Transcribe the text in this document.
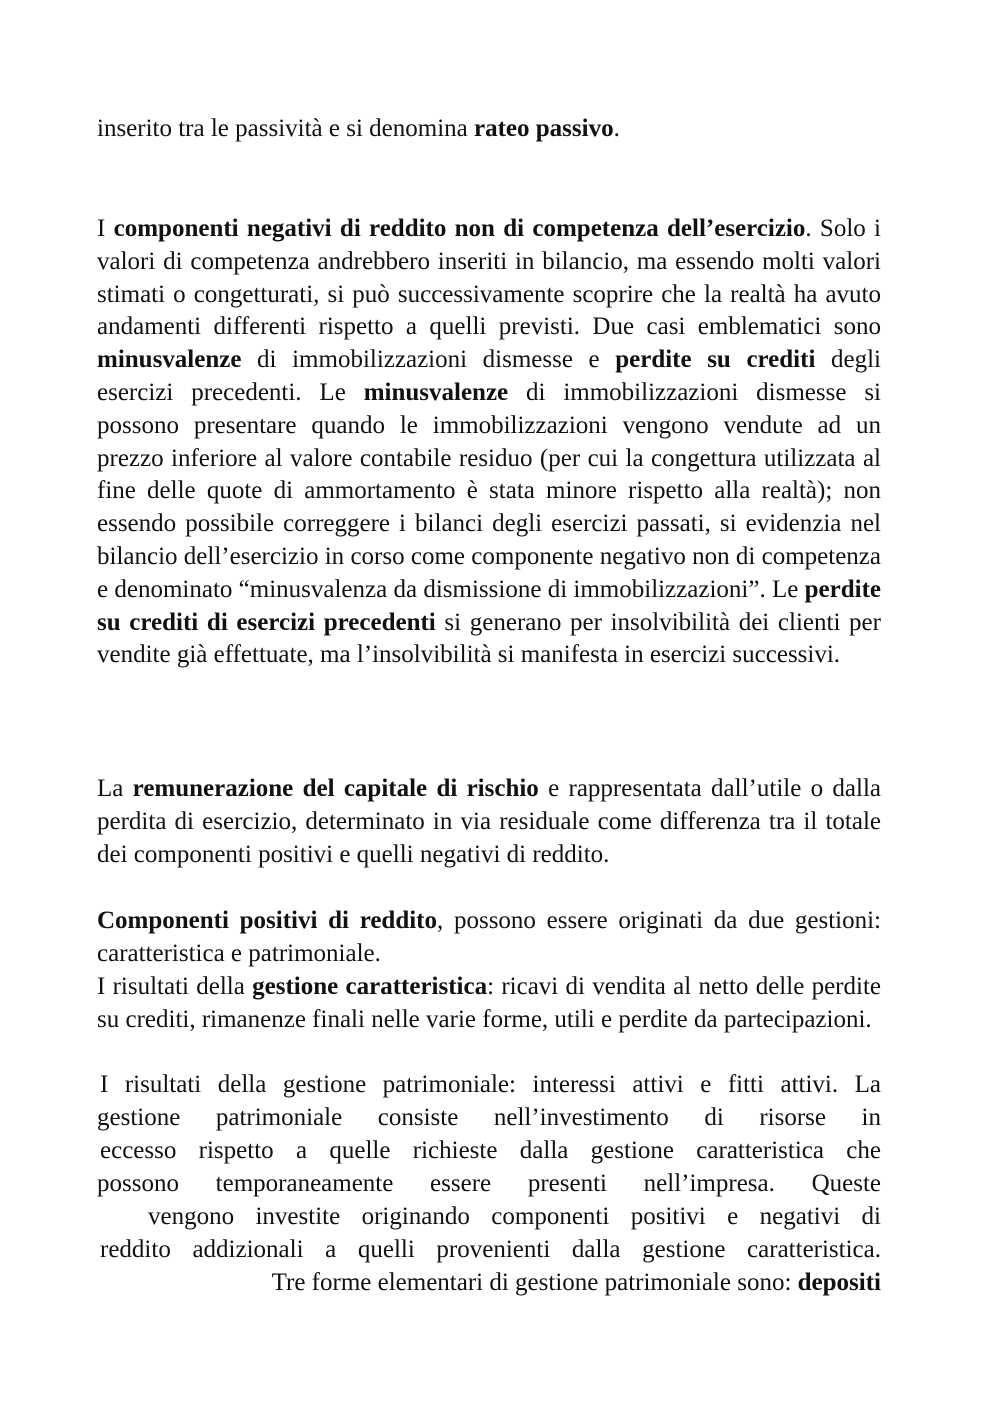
inserito tra le passività e si denomina rateo passivo.

I componenti negativi di reddito non di competenza dell’esercizio. Solo i valori di competenza andrebbero inseriti in bilancio, ma essendo molti valori stimati o congetturati, si può successivamente scoprire che la realtà ha avuto andamenti differenti rispetto a quelli previsti. Due casi emblematici sono minusvalenze di immobilizzazioni dismesse e perdite su crediti degli esercizi precedenti. Le minusvalenze di immobilizzazioni dismesse si possono presentare quando le immobilizzazioni vengono vendute ad un prezzo inferiore al valore contabile residuo (per cui la congettura utilizzata al fine delle quote di ammortamento è stata minore rispetto alla realtà); non essendo possibile correggere i bilanci degli esercizi passati, si evidenzia nel bilancio dell’esercizio in corso come componente negativo non di competenza e denominato “minusvalenza da dismissione di immobilizzazioni”. Le perdite su crediti di esercizi precedenti si generano per insolvibilità dei clienti per vendite già effettuate, ma l’insolvibilità si manifesta in esercizi successivi.

La remunerazione del capitale di rischio e rappresentata dall’utile o dalla perdita di esercizio, determinato in via residuale come differenza tra il totale dei componenti positivi e quelli negativi di reddito.

Componenti positivi di reddito, possono essere originati da due gestioni: caratteristica e patrimoniale.

I risultati della gestione caratteristica: ricavi di vendita al netto delle perdite su crediti, rimanenze finali nelle varie forme, utili e perdite da partecipazioni.

I risultati della gestione patrimoniale: interessi attivi e fitti attivi. La
gestione patrimoniale consiste nell’investimento di risorse in
eccesso rispetto a quelle richieste dalla gestione caratteristica che
possono temporaneamente essere presenti nell’impresa. Queste
vengono investite originando componenti positivi e negativi di
reddito addizionali a quelli provenienti dalla gestione caratteristica.
Tre forme elementari di gestione patrimoniale sono: depositi
